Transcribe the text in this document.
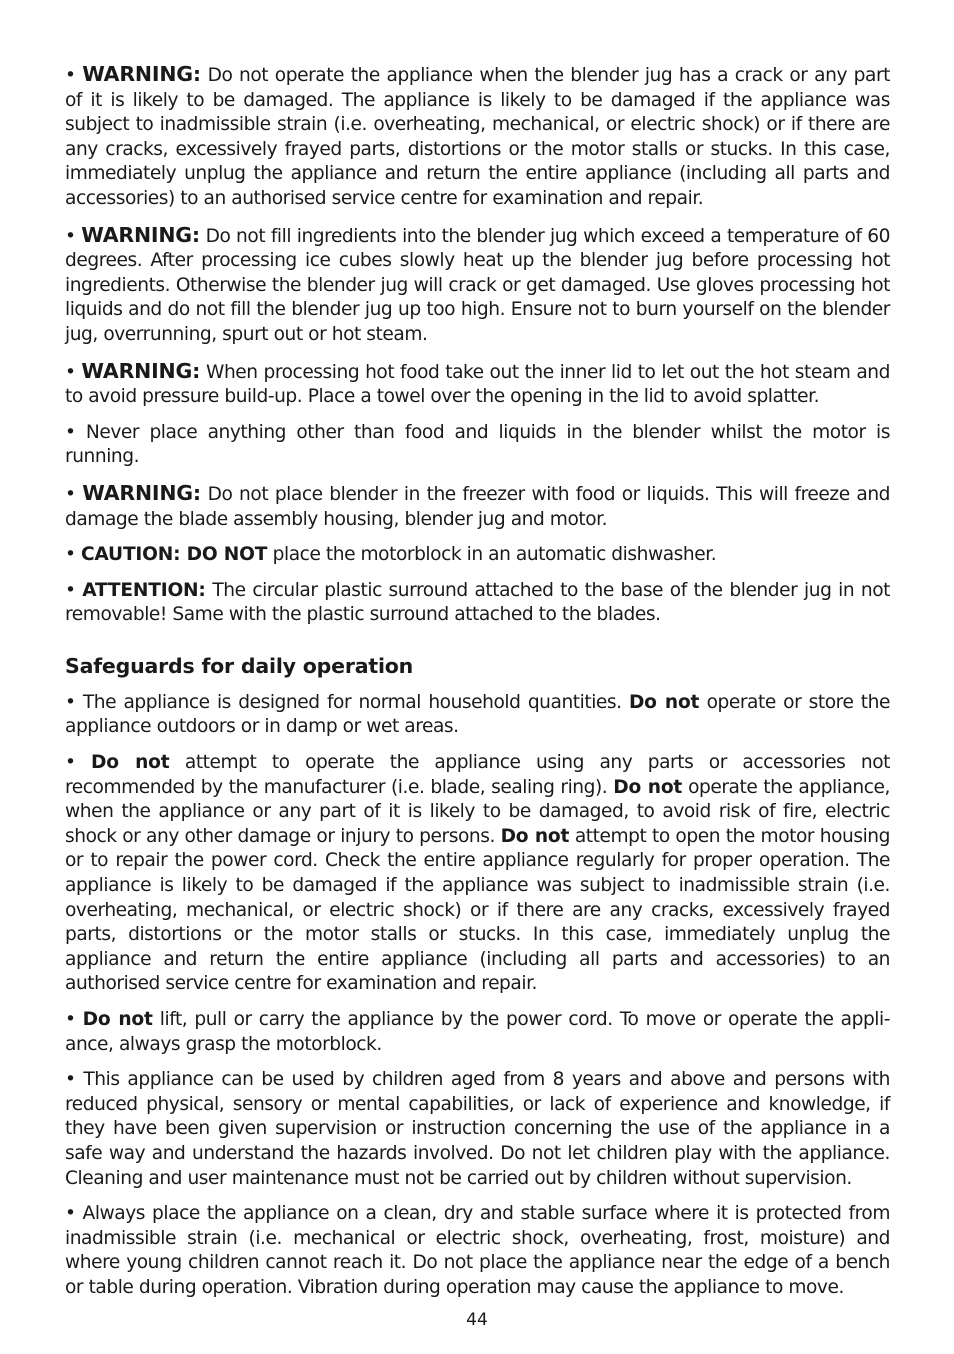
• WARNING: Do not operate the appliance when the blender jug has a crack or any part of it is likely to be damaged. The appliance is likely to be damaged if the appliance was subject to inadmissible strain (i.e. overheating, mechanical, or electric shock) or if there are any cracks, excessively frayed parts, distortions or the motor stalls or stucks. In this case, immediately unplug the appliance and return the entire appliance (including all parts and accessories) to an authorised service centre for examination and repair.

• WARNING: Do not fill ingredients into the blender jug which exceed a temperature of 60 degrees. After processing ice cubes slowly heat up the blender jug before processing hot ingredients. Otherwise the blender jug will crack or get damaged. Use gloves processing hot liquids and do not fill the blender jug up too high. Ensure not to burn yourself on the blender jug, overrunning, spurt out or hot steam.

• WARNING: When processing hot food take out the inner lid to let out the hot steam and to avoid pressure build-up. Place a towel over the opening in the lid to avoid splatter.

• Never place anything other than food and liquids in the blender whilst the motor is running.

• WARNING: Do not place blender in the freezer with food or liquids. This will freeze and damage the blade assembly housing, blender jug and motor.

• CAUTION: DO NOT place the motorblock in an automatic dishwasher.

• ATTENTION: The circular plastic surround attached to the base of the blender jug in not removable! Same with the plastic surround attached to the blades.

Safeguards for daily operation

• The appliance is designed for normal household quantities. Do not operate or store the appliance outdoors or in damp or wet areas.

• Do not attempt to operate the appliance using any parts or accessories not recommended by the manufacturer (i.e. blade, sealing ring). Do not operate the appliance, when the appliance or any part of it is likely to be damaged, to avoid risk of fire, electric shock or any other damage or injury to persons. Do not attempt to open the motor housing or to repair the power cord. Check the entire appliance regularly for proper operation. The appliance is likely to be damaged if the appliance was subject to inadmissible strain (i.e. overheating, mechanical, or electric shock) or if there are any cracks, excessively frayed parts, distortions or the motor stalls or stucks. In this case, immediately unplug the appliance and return the entire appliance (including all parts and accessories) to an authorised service centre for examination and repair.

• Do not lift, pull or carry the appliance by the power cord. To move or operate the appli-ance, always grasp the motorblock.

• This appliance can be used by children aged from 8 years and above and persons with reduced physical, sensory or mental capabilities, or lack of experience and knowledge, if they have been given supervision or instruction concerning the use of the appliance in a safe way and understand the hazards involved. Do not let children play with the appliance. Cleaning and user maintenance must not be carried out by children without supervision.

• Always place the appliance on a clean, dry and stable surface where it is protected from inadmissible strain (i.e. mechanical or electric shock, overheating, frost, moisture) and where young children cannot reach it. Do not place the appliance near the edge of a bench or table during operation. Vibration during operation may cause the appliance to move.

44
